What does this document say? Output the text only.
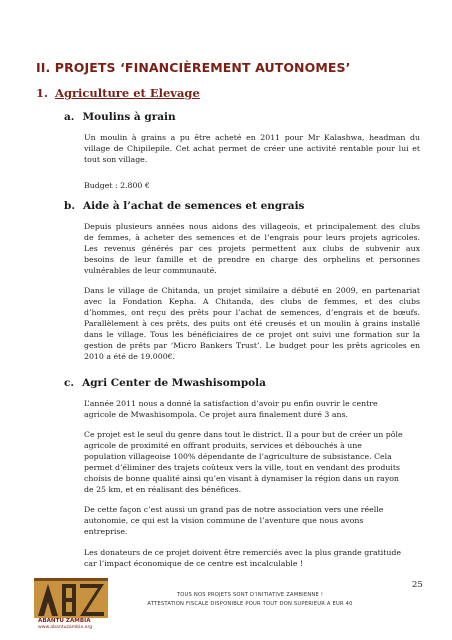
II. PROJETS ‘FINANCIÈREMENT AUTONOMES’
1. Agriculture et Elevage
a. Moulins à grain
Un moulin à grains a pu être acheté en 2011 pour Mr Kalashwa, headman du
village de Chipilepile. Cet achat permet de créer une activité rentable pour lui et
tout son village.
Budget : 2.800 €
b. Aide à l’achat de semences et engrais
Depuis plusieurs années nous aidons des villageois, et principalement des clubs
de femmes, à acheter des semences et de l’engrais pour leurs projets agricoles.
Les revenus générés par ces projets permettent aux clubs de subvenir aux
besoins de leur famille et de prendre en charge des orphelins et personnes
vulnérables de leur communauté.
Dans le village de Chitanda, un projet similaire a débuté en 2009, en partenariat
avec la Fondation Kepha. A Chitanda, des clubs de femmes, et des clubs
d’hommes, ont reçu des prêts pour l’achat de semences, d’engrais et de bœufs.
Parallèlement à ces prêts, des puits ont été creusés et un moulin à grains installé
dans le village. Tous les bénéficiaires de ce projet ont suivi une formation sur la
gestion de prêts par ‘Micro Bankers Trust’. Le budget pour les prêts agricoles en
2010 a été de 19.000€.
c. Agri Center de Mwashisompola
L’année 2011 nous a donné la satisfaction d’avoir pu enfin ouvrir le centre
agricole de Mwashisompola. Ce projet aura finalement duré 3 ans.
Ce projet est le seul du genre dans tout le district. Il a pour but de créer un pôle
agricole de proximité en offrant produits, services et débouchés à une
population villageoise 100% dépendante de l’agriculture de subsistance. Cela
permet d’éliminer des trajets coûteux vers la ville, tout en vendant des produits
choisis de bonne qualité ainsi qu’en visant à dynamiser la région dans un rayon
de 25 km, et en réalisant des bénéfices.
De cette façon c’est aussi un grand pas de notre association vers une réelle
autonomie, ce qui est la vision commune de l’aventure que nous avons
entreprise.
Les donateurs de ce projet doivent être remerciés avec la plus grande gratitude
car l’impact économique de ce centre est incalculable !
ABANTU ZAMBIA
www.abantuzambia.org
25
TOUS NOS PROJETS SONT D’INITIATIVE ZAMBIENNE !
ATTESTATION FISCALE DISPONIBLE POUR TOUT DON SUPERIEUR A EUR 40
